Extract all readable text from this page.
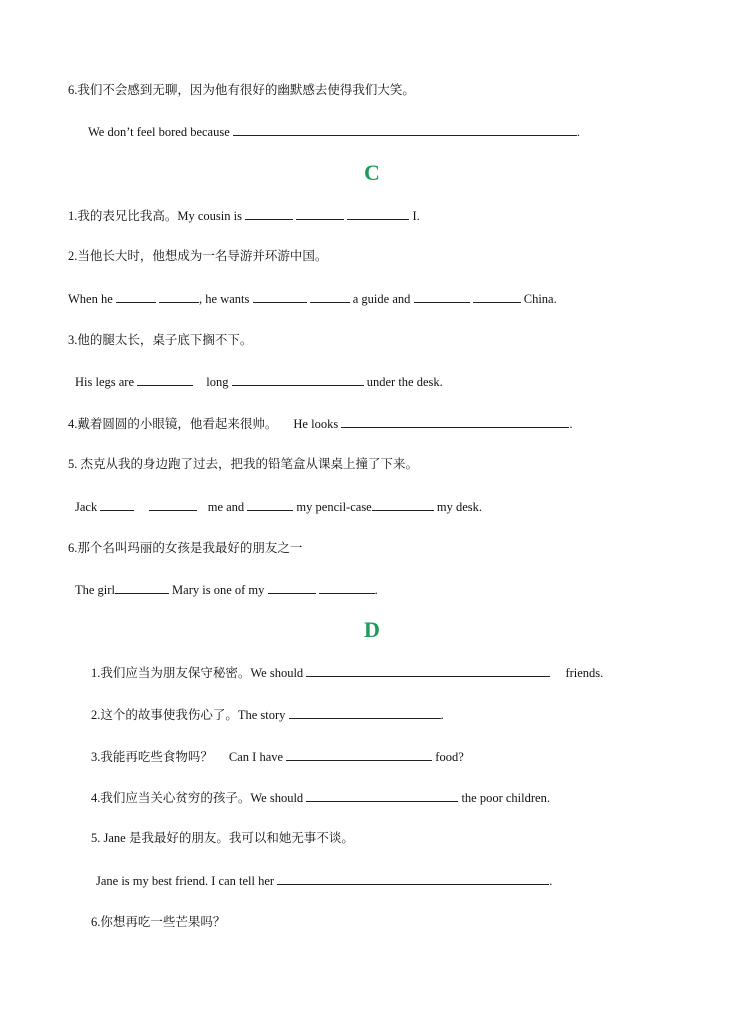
6.我们不会感到无聊，因为他有很好的幽默感去使得我们大笑。
We don’t feel bored because	.
C
1.我的表兄比我高。My cousin is	I.
2.当他长大时，他想成为一名导游并环游中国。
When he	, he wants	a guide and	China.
3.他的腿太长，桌子底下搁不下。
His legs are	long	under the desk.
4.戴着圆圆的小眼镜，他看起来很帅。 He looks	.
5. 杰克从我的身边跑了过去，把我的铅笔盒从课桌上撞了下来。
Jack	me and	my pencil-case	my desk.
6.那个名叫玛丽的女孩是我最好的朋友之一
The girl	Mary is one of my	.
D
1.我们应当为朋友保守秘密。We should	friends.
2.这个的故事使我伤心了。The story	.
3.我能再吃些食物吗？ Can I have	food?
4.我们应当关心贫穷的孩子。We should	the poor children.
5. Jane 是我最好的朋友。我可以和她无事不谈。
Jane is my best friend. I can tell her	.
6.你想再吃一些芒果吗？
